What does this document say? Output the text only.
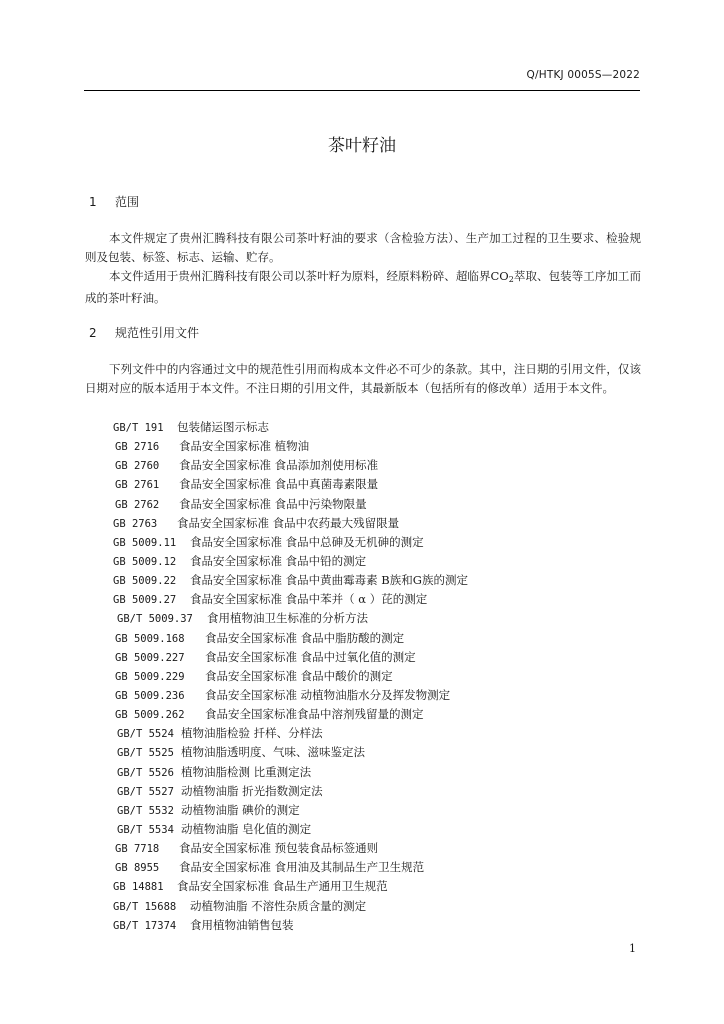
Q/HTKJ 0005S—2022
茶叶籽油
1 范围

本文件规定了贵州汇腾科技有限公司茶叶籽油的要求（含检验方法）、生产加工过程的卫生要求、检验规则及包装、标签、标志、运输、贮存。

本文件适用于贵州汇腾科技有限公司以茶叶籽为原料，经原料粉碎、超临界$CO_2$萃取、包装等工序加工而成的茶叶籽油。

2 规范性引用文件

下列文件中的内容通过文中的规范性引用而构成本文件必不可少的条款。其中，注日期的引用文件，仅该日期对应的版本适用于本文件。不注日期的引用文件，其最新版本（包括所有的修改单）适用于本文件。

GB/T 191 包装储运图示标志
GB 2716 食品安全国家标准 植物油
GB 2760 食品安全国家标准 食品添加剂使用标准
GB 2761 食品安全国家标准 食品中真菌毒素限量
GB 2762 食品安全国家标准 食品中污染物限量
GB 2763 食品安全国家标准 食品中农药最大残留限量
GB 5009.11 食品安全国家标准 食品中总砷及无机砷的测定
GB 5009.12 食品安全国家标准 食品中铅的测定
GB 5009.22 食品安全国家标准 食品中黄曲霉毒素 B族和G族的测定
GB 5009.27 食品安全国家标准 食品中苯并（ α ）芘的测定
GB/T 5009.37 食用植物油卫生标准的分析方法
GB 5009.168 食品安全国家标准 食品中脂肪酸的测定
GB 5009.227 食品安全国家标准 食品中过氧化值的测定
GB 5009.229 食品安全国家标准 食品中酸价的测定
GB 5009.236 食品安全国家标准 动植物油脂水分及挥发物测定
GB 5009.262 食品安全国家标准食品中溶剂残留量的测定
GB/T 5524 植物油脂检验 扦样、分样法
GB/T 5525 植物油脂透明度、气味、滋味鉴定法
GB/T 5526 植物油脂检测 比重测定法
GB/T 5527 动植物油脂 折光指数测定法
GB/T 5532 动植物油脂 碘价的测定
GB/T 5534 动植物油脂 皂化值的测定
GB 7718 食品安全国家标准 预包装食品标签通则
GB 8955 食品安全国家标准 食用油及其制品生产卫生规范
GB 14881 食品安全国家标准 食品生产通用卫生规范
GB/T 15688 动植物油脂 不溶性杂质含量的测定
GB/T 17374 食用植物油销售包装
1
